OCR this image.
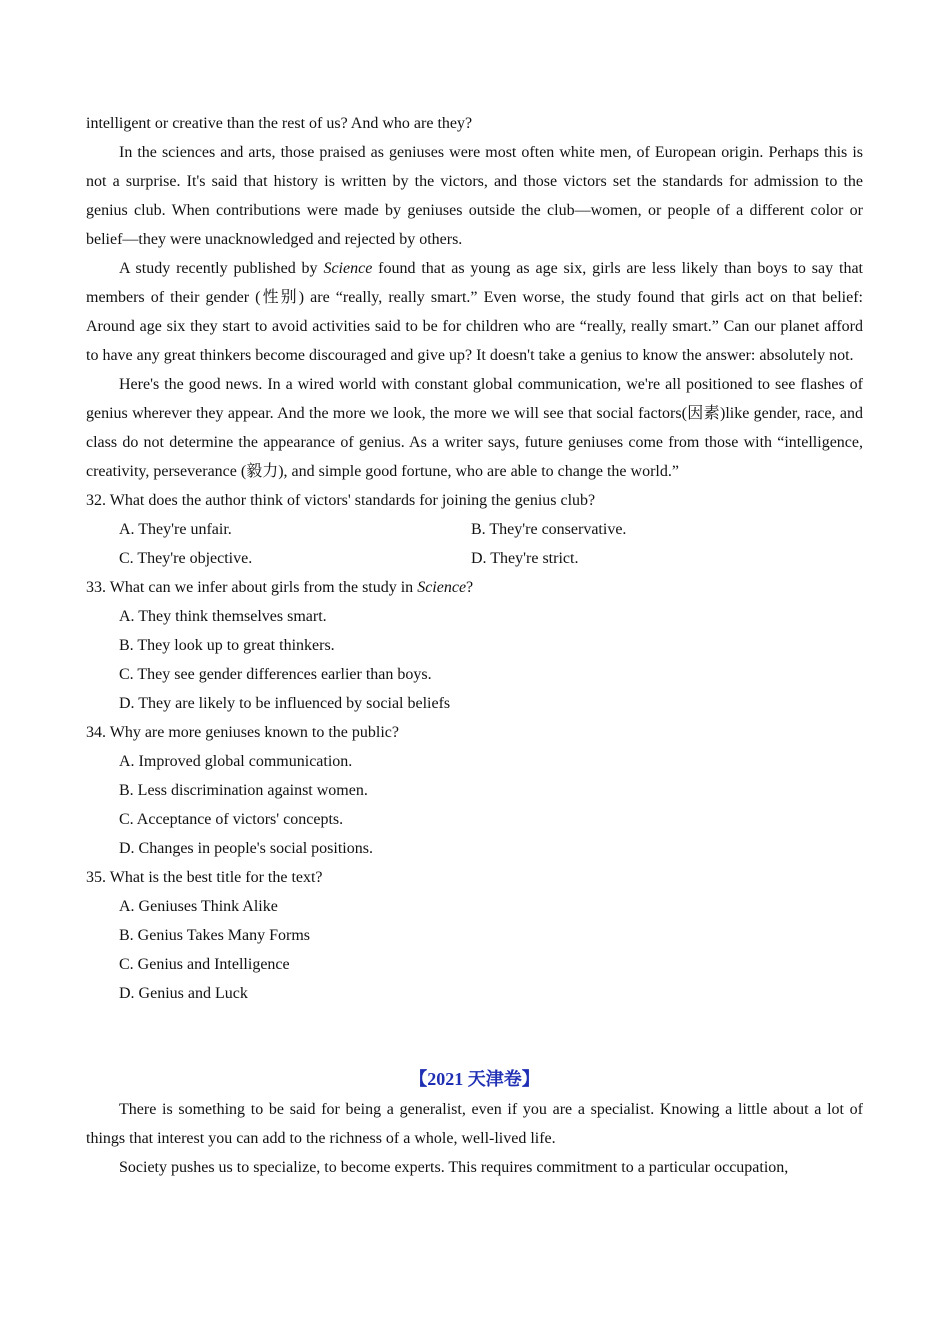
intelligent or creative than the rest of us? And who are they?

In the sciences and arts, those praised as geniuses were most often white men, of European origin. Perhaps this is not a surprise. It's said that history is written by the victors, and those victors set the standards for admission to the genius club. When contributions were made by geniuses outside the club—women, or people of a different color or belief—they were unacknowledged and rejected by others.

A study recently published by Science found that as young as age six, girls are less likely than boys to say that members of their gender (性别) are “really, really smart.” Even worse, the study found that girls act on that belief: Around age six they start to avoid activities said to be for children who are “really, really smart.” Can our planet afford to have any great thinkers become discouraged and give up? It doesn't take a genius to know the answer: absolutely not.

Here's the good news. In a wired world with constant global communication, we're all positioned to see flashes of genius wherever they appear. And the more we look, the more we will see that social factors(因素)like gender, race, and class do not determine the appearance of genius. As a writer says, future geniuses come from those with “intelligence, creativity, perseverance (毅力), and simple good fortune, who are able to change the world.”

32. What does the author think of victors' standards for joining the genius club?
A. They're unfair.	B. They're conservative.
C. They're objective.	D. They're strict.
33. What can we infer about girls from the study in Science?
A. They think themselves smart.
B. They look up to great thinkers.
C. They see gender differences earlier than boys.
D. They are likely to be influenced by social beliefs
34. Why are more geniuses known to the public?
A. Improved global communication.
B. Less discrimination against women.
C. Acceptance of victors' concepts.
D. Changes in people's social positions.
35. What is the best title for the text?
A. Geniuses Think Alike
B. Genius Takes Many Forms
C. Genius and Intelligence
D. Genius and Luck
【2021 天津卷】

There is something to be said for being a generalist, even if you are a specialist. Knowing a little about a lot of things that interest you can add to the richness of a whole, well-lived life.

Society pushes us to specialize, to become experts. This requires commitment to a particular occupation,
